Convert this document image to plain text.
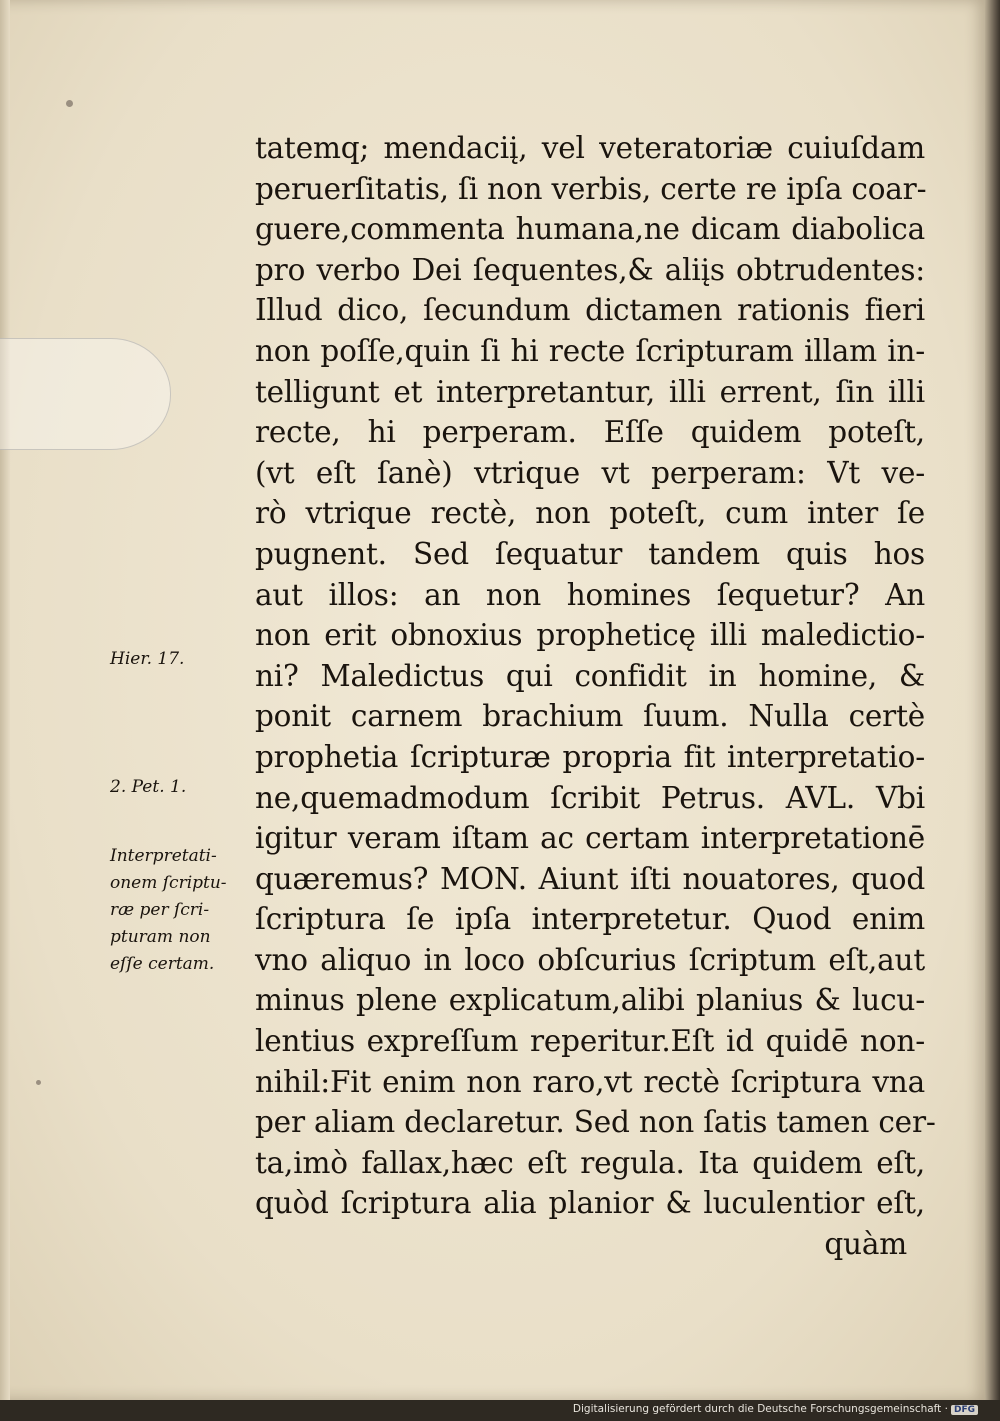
tatemq; mendaciį, vel veteratoriæ cuiuſdam
peruerſitatis, ſi non verbis, certe re ipſa coar-
guere,commenta humana,ne dicam diabolica
pro verbo Dei ſequentes,& aliįs obtrudentes:
Illud dico, ſecundum dictamen rationis fieri
non poſſe,quin ſi hi recte ſcripturam illam in-
telligunt et interpretantur, illi errent, ſin illi
recte, hi perperam. Eſſe quidem poteſt,
(vt eſt ſanè) vtrique vt perperam: Vt ve-
rò vtrique rectè, non poteſt, cum inter ſe
pugnent. Sed ſequatur tandem quis hos
aut illos: an non homines ſequetur? An
non erit obnoxius propheticę illi maledictio-
ni? Maledictus qui confidit in homine, &
ponit carnem brachium ſuum. Nulla certè
prophetia ſcripturæ propria fit interpretatio-
ne,quemadmodum ſcribit Petrus. AVL. Vbi
igitur veram iſtam ac certam interpretationē
quæremus? MON. Aiunt iſti nouatores, quod
ſcriptura ſe ipſa interpretetur. Quod enim
vno aliquo in loco obſcurius ſcriptum eſt,aut
minus plene explicatum,alibi planius & lucu-
lentius expreſſum reperitur.Eſt id quidē non-
nihil:Fit enim non raro,vt rectè ſcriptura vna
per aliam declaretur. Sed non ſatis tamen cer-
ta,imò fallax,hæc eſt regula. Ita quidem eſt,
quòd ſcriptura alia planior & luculentior eſt,
quàm
Hier. 17.
2. Pet. 1.
Interpretati-
onem ſcriptu-
ræ per ſcri-
pturam non
eſſe certam.
Digitalisierung gefördert durch die Deutsche Forschungsgemeinschaft · DFG
